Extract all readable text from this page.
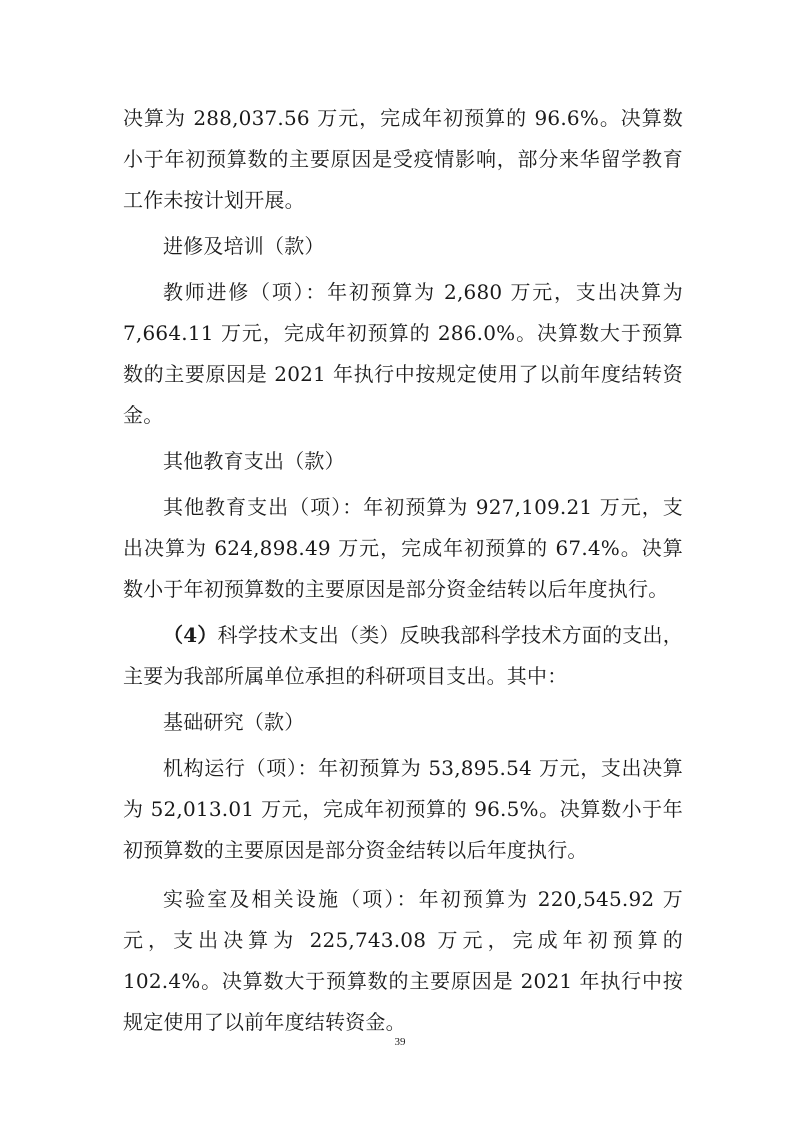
决算为 288,037.56 万元，完成年初预算的 96.6%。决算数小于年初预算数的主要原因是受疫情影响，部分来华留学教育工作未按计划开展。

进修及培训（款）

教师进修（项）：年初预算为 2,680 万元，支出决算为 7,664.11 万元，完成年初预算的 286.0%。决算数大于预算数的主要原因是 2021 年执行中按规定使用了以前年度结转资金。

其他教育支出（款）

其他教育支出（项）：年初预算为 927,109.21 万元，支出决算为 624,898.49 万元，完成年初预算的 67.4%。决算数小于年初预算数的主要原因是部分资金结转以后年度执行。

（4）科学技术支出（类）反映我部科学技术方面的支出，主要为我部所属单位承担的科研项目支出。其中：

基础研究（款）

机构运行（项）：年初预算为 53,895.54 万元，支出决算为 52,013.01 万元，完成年初预算的 96.5%。决算数小于年初预算数的主要原因是部分资金结转以后年度执行。

实验室及相关设施（项）：年初预算为 220,545.92 万元，支出决算为 225,743.08 万元，完成年初预算的 102.4%。决算数大于预算数的主要原因是 2021 年执行中按规定使用了以前年度结转资金。

39
